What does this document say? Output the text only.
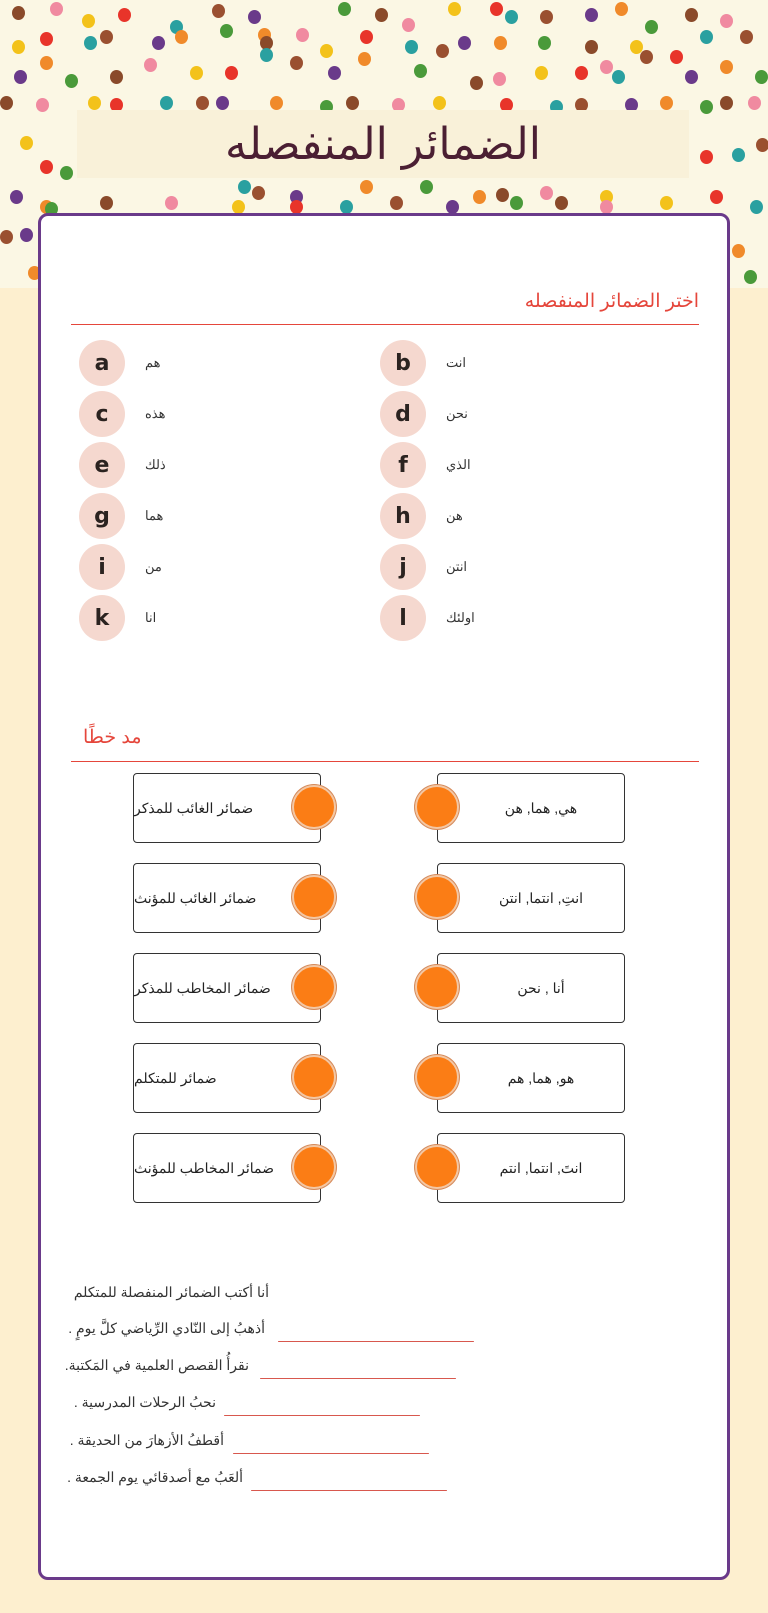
الضمائر المنفصله
اختر الضمائر المنفصله
a	هم	b	انت
c	هذه	d	نحن
e	ذلك	f	الذي
g	هما	h	هن
i	من	j	انتن
k	انا	l	اولئك
مد خطًا
ضمائر الغائب للمذكر	هي, هما, هن
ضمائر الغائب للمؤنث	انتِ, انتما, انتن
ضمائر المخاطب للمذكر	أنا , نحن
ضمائر للمتكلم	هو, هما, هم
ضمائر المخاطب للمؤنث	انتَ, انتما, انتم
أنا أكتب الضمائر المنفصلة للمتكلم
أذهبُ إلى النّادي الرِّياضي كلَّ يومٍ .
نقرأُ القصص العلمية في المَكتبة.
نحبُ الرحلات المدرسية .
أقطفُ الأزهارَ من الحديقة .
ألعَبُ مع أصدقائي يوم الجمعة .
